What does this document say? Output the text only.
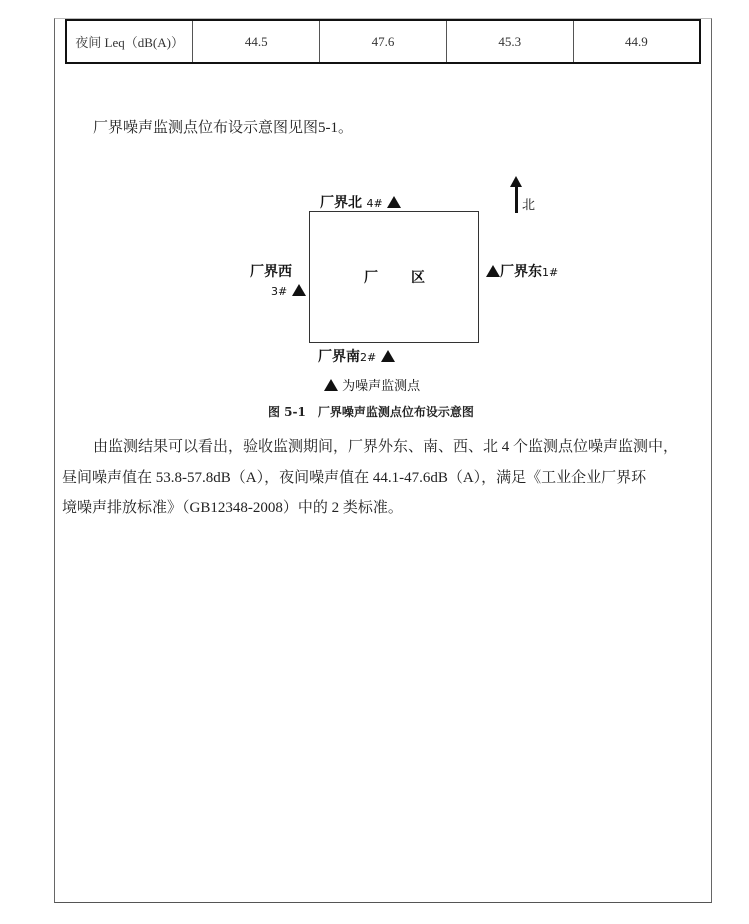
夜间 Leq（dB(A)）	44.5	47.6	45.3	44.9
厂界噪声监测点位布设示意图见图5-1。
厂界北 4#
厂 区
厂界西
3#
厂界东1#
厂界南2#
北
为噪声监测点
图 5-1　厂界噪声监测点位布设示意图

由监测结果可以看出，验收监测期间，厂界外东、南、西、北 4 个监测点位噪声监测中，

昼间噪声值在 53.8-57.8dB（A），夜间噪声值在 44.1-47.6dB（A），满足《工业企业厂界环

境噪声排放标准》（GB12348-2008）中的 2 类标准。
